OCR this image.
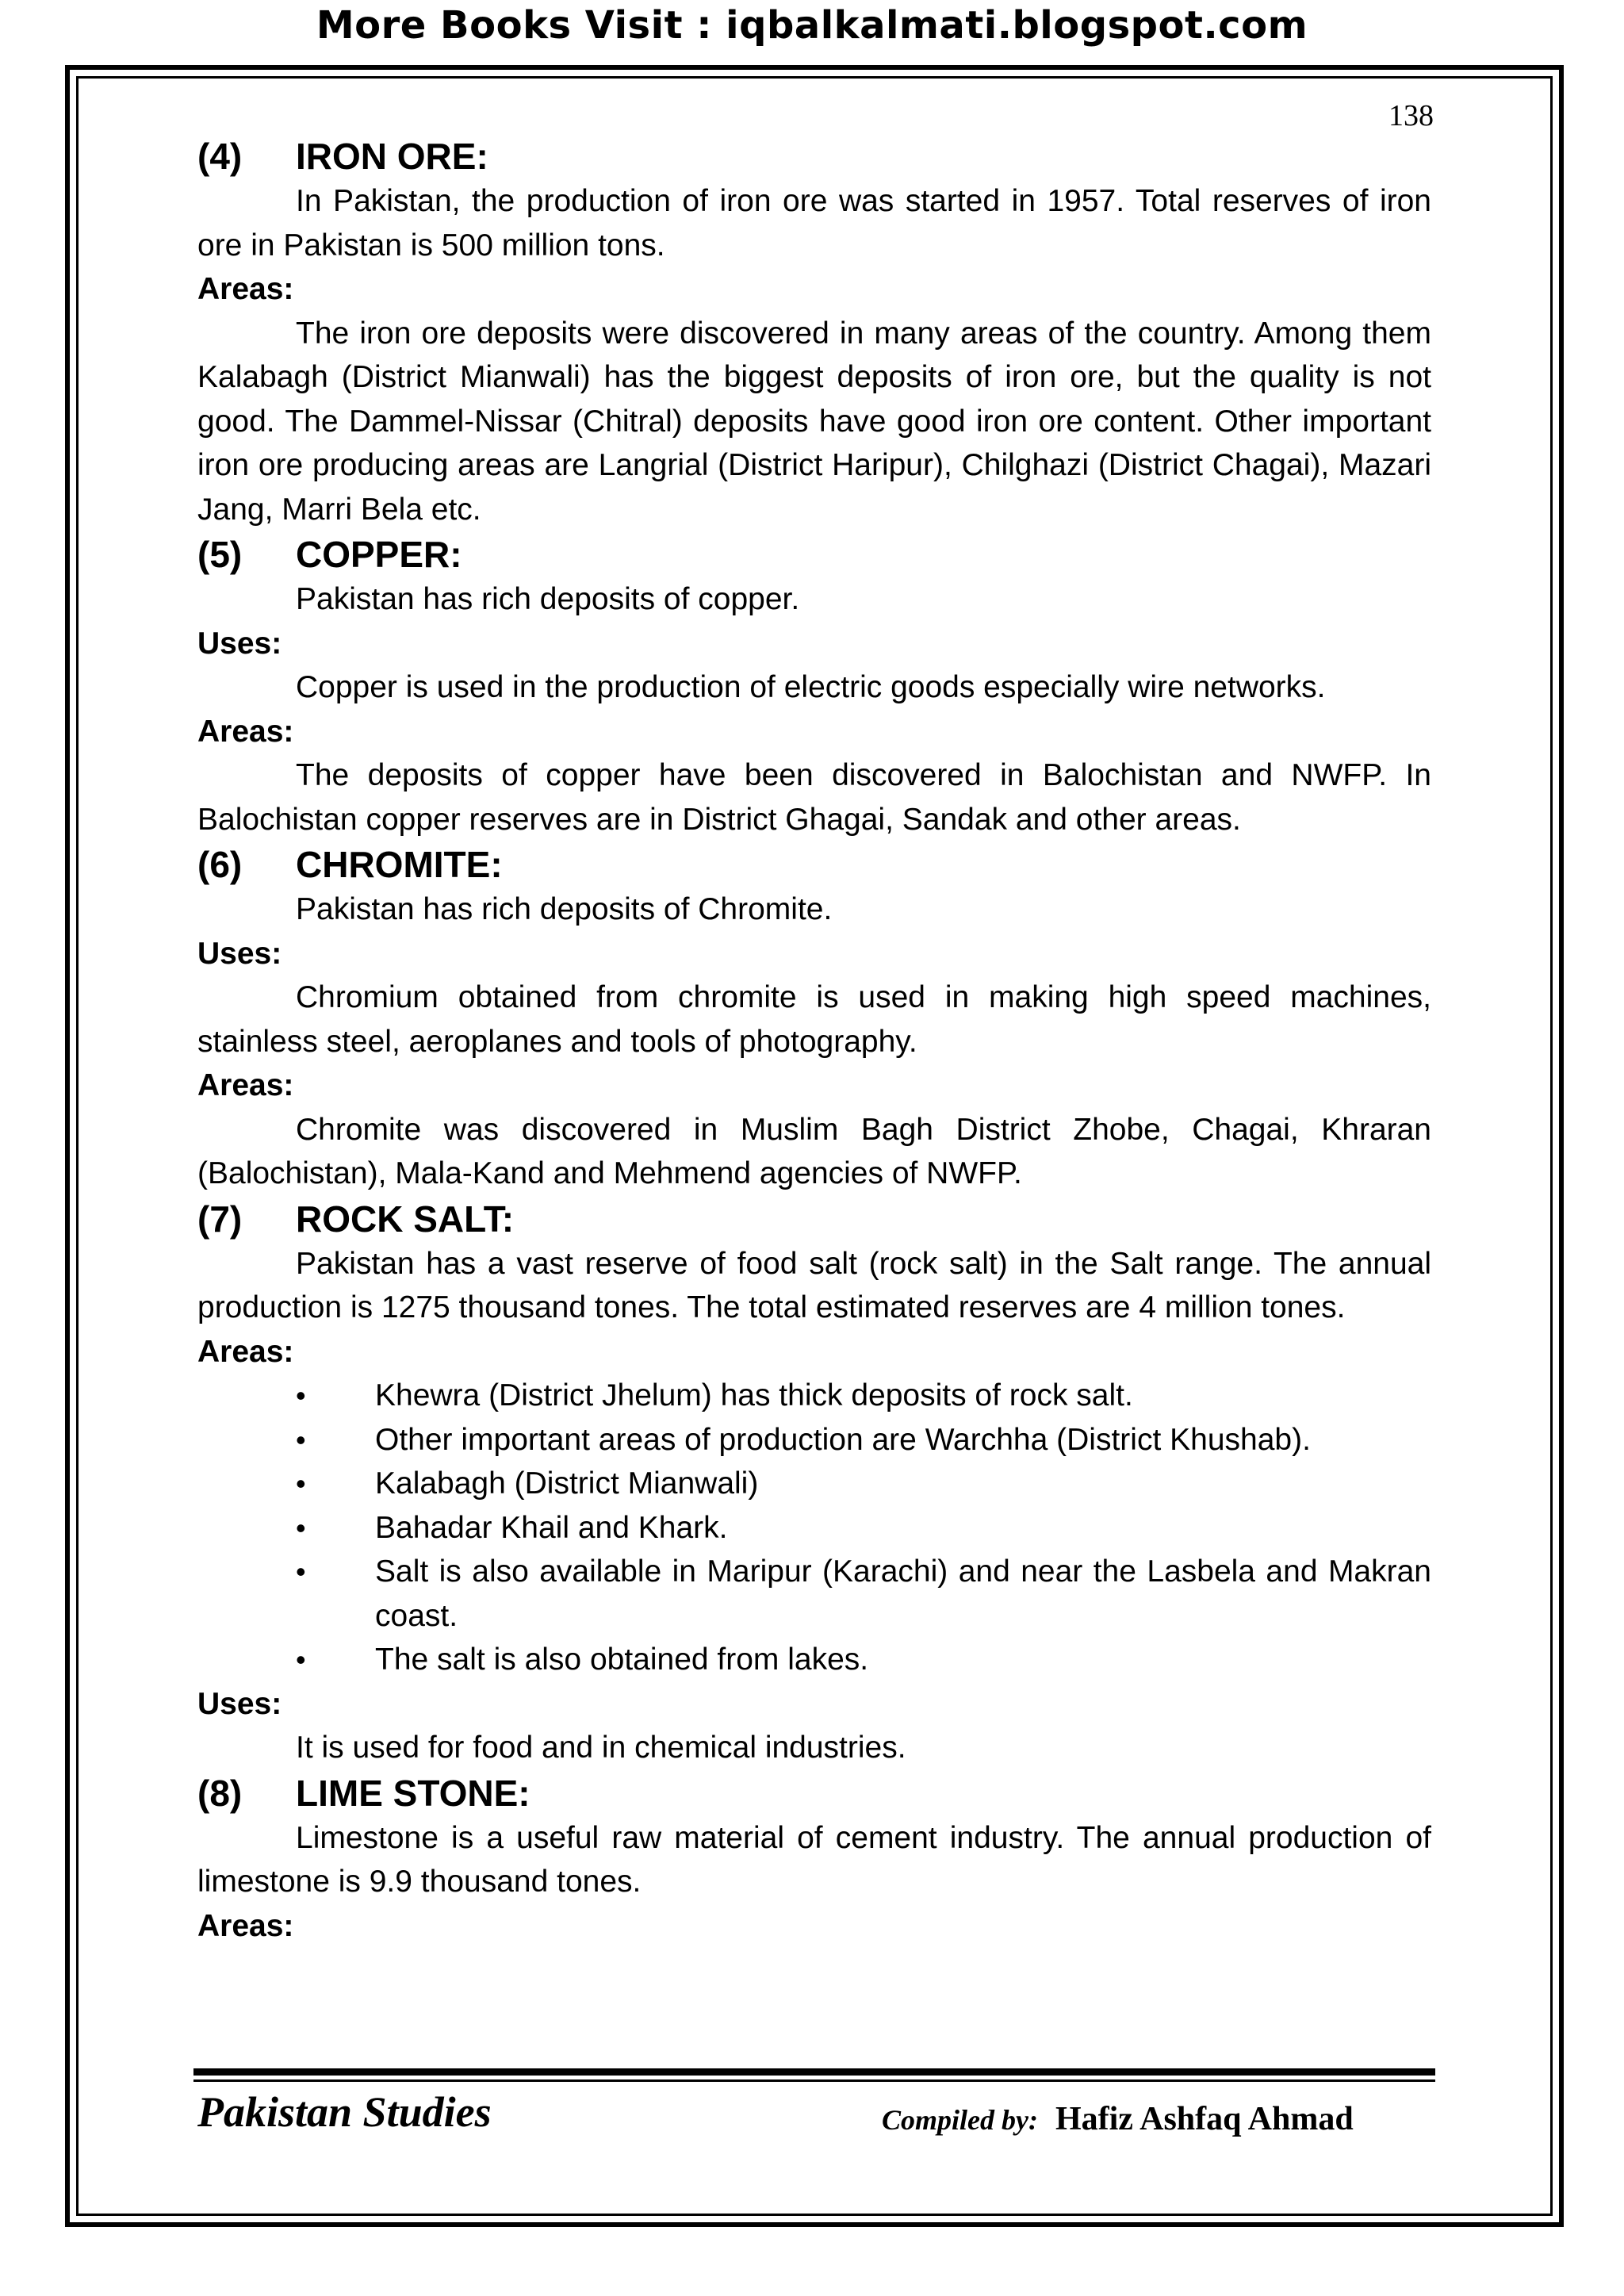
More Books Visit : iqbalkalmati.blogspot.com
138
(4)	IRON ORE:

In Pakistan, the production of iron ore was started in 1957. Total reserves of iron ore in Pakistan is 500 million tons.

Areas:

The iron ore deposits were discovered in many areas of the country. Among them Kalabagh (District Mianwali) has the biggest deposits of iron ore, but the quality is not good. The Dammel-Nissar (Chitral) deposits have good iron ore content. Other important iron ore producing areas are Langrial (District Haripur), Chilghazi (District Chagai), Mazari Jang, Marri Bela etc.

(5)	COPPER:

Pakistan has rich deposits of copper.

Uses:

Copper is used in the production of electric goods especially wire networks.

Areas:

The deposits of copper have been discovered in Balochistan and NWFP. In Balochistan copper reserves are in District Ghagai, Sandak and other areas.

(6)	CHROMITE:

Pakistan has rich deposits of Chromite.

Uses:

Chromium obtained from chromite is used in making high speed machines, stainless steel, aeroplanes and tools of photography.

Areas:

Chromite was discovered in Muslim Bagh District Zhobe, Chagai, Khraran (Balochistan), Mala-Kand and Mehmend agencies of NWFP.

(7)	ROCK SALT:

Pakistan has a vast reserve of food salt (rock salt) in the Salt range. The annual production is 1275 thousand tones. The total estimated reserves are 4 million tones.

Areas:

• Khewra (District Jhelum) has thick deposits of rock salt.
• Other important areas of production are Warchha (District Khushab).
• Kalabagh (District Mianwali)
• Bahadar Khail and Khark.
• Salt is also available in Maripur (Karachi) and near the Lasbela and Makran coast.
• The salt is also obtained from lakes.

Uses:

It is used for food and in chemical industries.

(8)	LIME STONE:

Limestone is a useful raw material of cement industry. The annual production of limestone is 9.9 thousand tones.

Areas:

Pakistan Studies	Compiled by: Hafiz Ashfaq Ahmad
